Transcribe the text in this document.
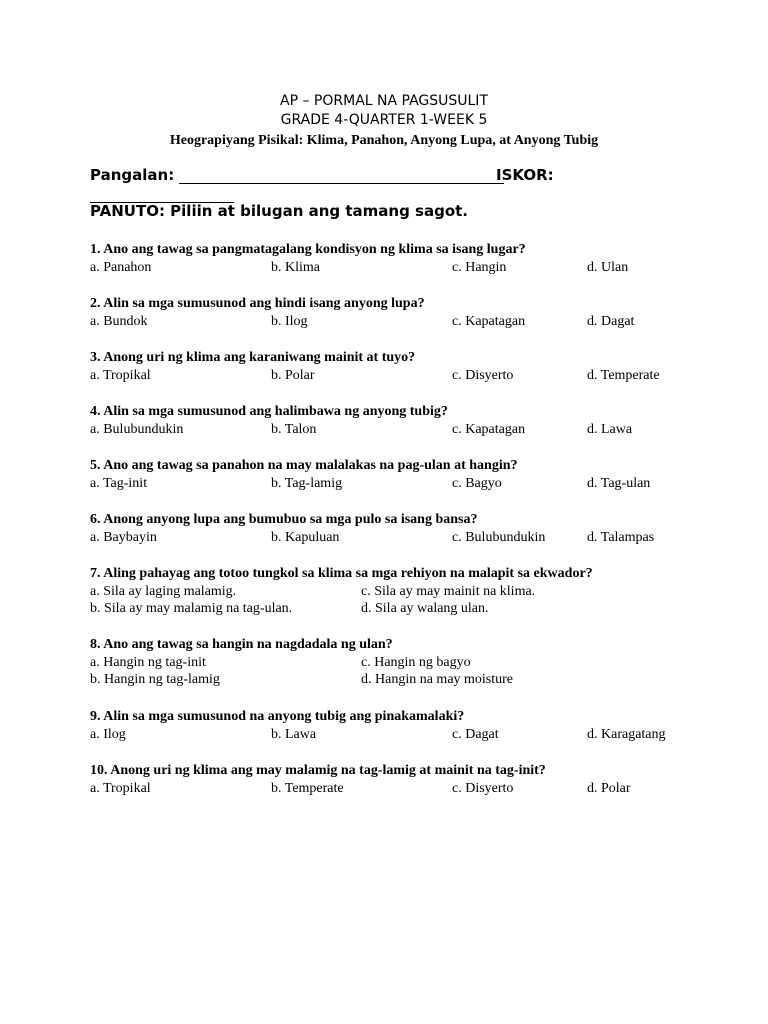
AP – PORMAL NA PAGSUSULIT
GRADE 4-QUARTER 1-WEEK 5
Heograpiyang Pisikal: Klima, Panahon, Anyong Lupa, at Anyong Tubig
Pangalan:	ISKOR:
PANUTO: Piliin at bilugan ang tamang sagot.
1. Ano ang tawag sa pangmatagalang kondisyon ng klima sa isang lugar?
a. Panahon	b. Klima	c. Hangin	d. Ulan
2. Alin sa mga sumusunod ang hindi isang anyong lupa?
a. Bundok	b. Ilog	c. Kapatagan	d. Dagat
3. Anong uri ng klima ang karaniwang mainit at tuyo?
a. Tropikal	b. Polar	c. Disyerto	d. Temperate
4. Alin sa mga sumusunod ang halimbawa ng anyong tubig?
a. Bulubundukin	b. Talon	c. Kapatagan	d. Lawa
5. Ano ang tawag sa panahon na may malalakas na pag-ulan at hangin?
a. Tag-init	b. Tag-lamig	c. Bagyo	d. Tag-ulan
6. Anong anyong lupa ang bumubuo sa mga pulo sa isang bansa?
a. Baybayin	b. Kapuluan	c. Bulubundukin	d. Talampas
7. Aling pahayag ang totoo tungkol sa klima sa mga rehiyon na malapit sa ekwador?
a. Sila ay laging malamig.	c. Sila ay may mainit na klima.
b. Sila ay may malamig na tag-ulan.	d. Sila ay walang ulan.
8. Ano ang tawag sa hangin na nagdadala ng ulan?
a. Hangin ng tag-init	c. Hangin ng bagyo
b. Hangin ng tag-lamig	d. Hangin na may moisture
9. Alin sa mga sumusunod na anyong tubig ang pinakamalaki?
a. Ilog	b. Lawa	c. Dagat	d. Karagatang
10. Anong uri ng klima ang may malamig na tag-lamig at mainit na tag-init?
a. Tropikal	b. Temperate	c. Disyerto	d. Polar
